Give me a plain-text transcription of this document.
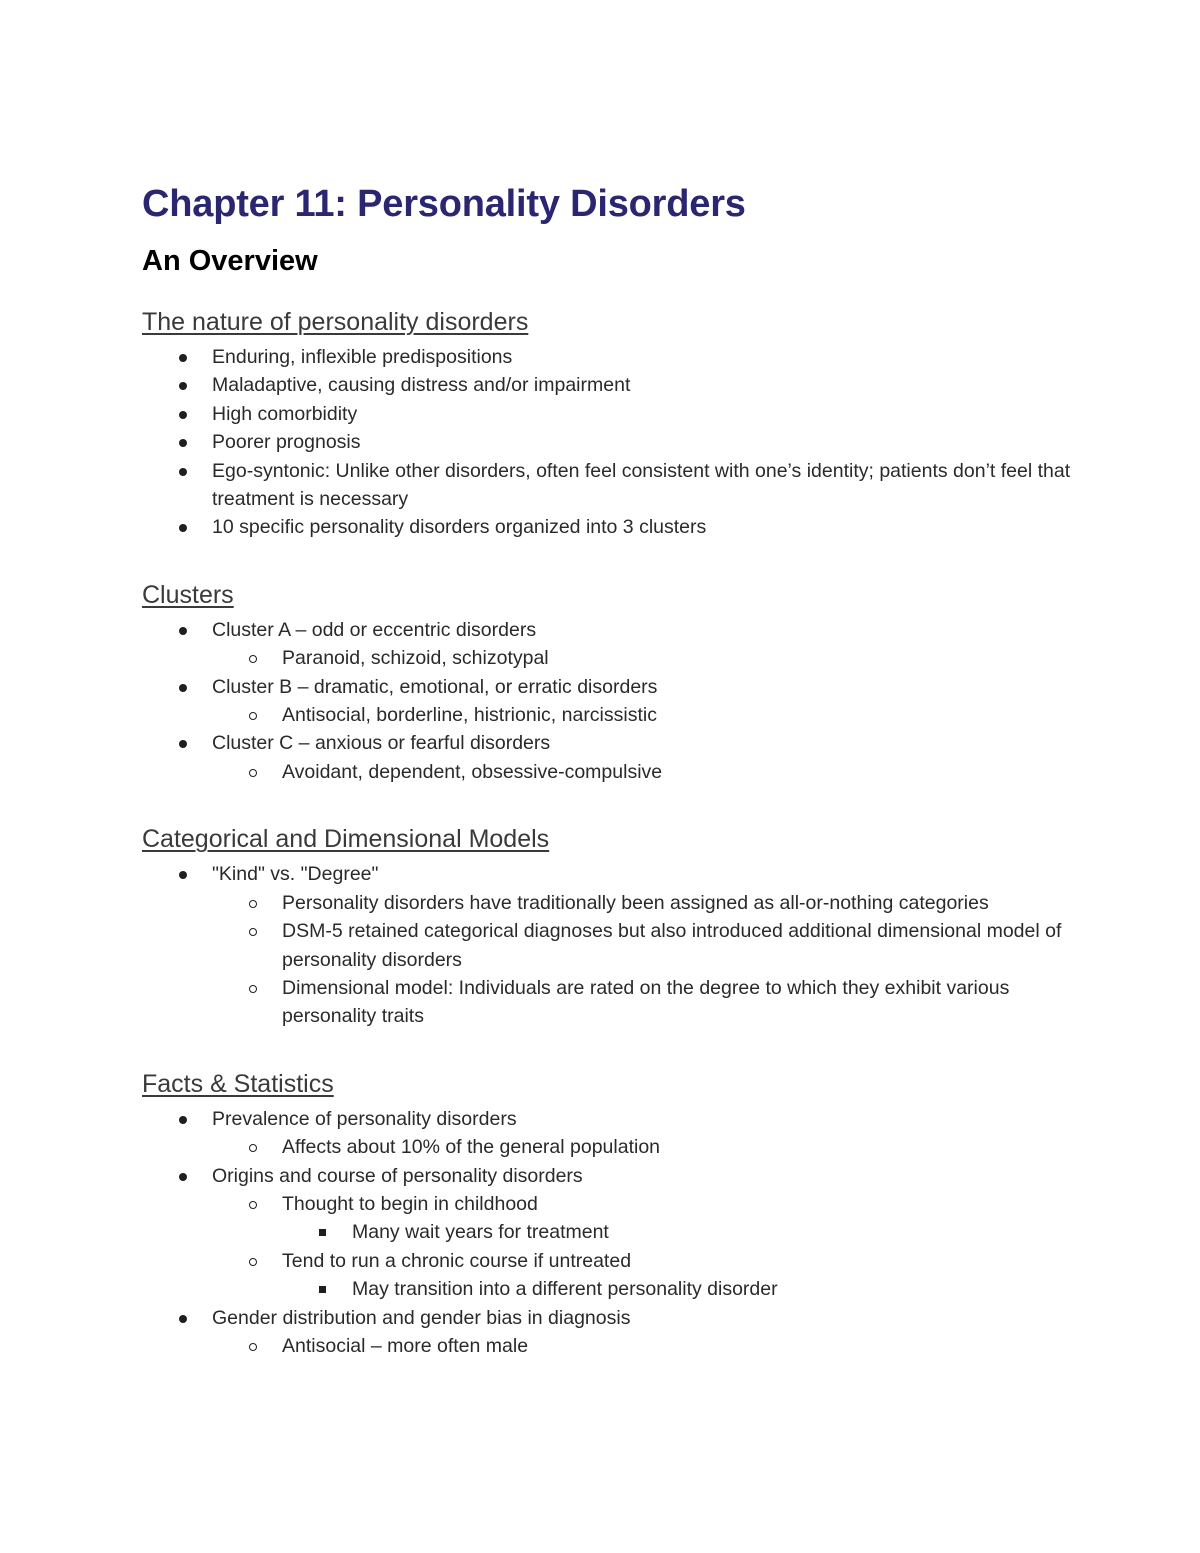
Chapter 11: Personality Disorders
An Overview
The nature of personality disorders
Enduring, inflexible predispositions
Maladaptive, causing distress and/or impairment
High comorbidity
Poorer prognosis
Ego-syntonic: Unlike other disorders, often feel consistent with one’s identity; patients don’t feel that treatment is necessary
10 specific personality disorders organized into 3 clusters
Clusters
Cluster A – odd or eccentric disorders
Paranoid, schizoid, schizotypal
Cluster B – dramatic, emotional, or erratic disorders
Antisocial, borderline, histrionic, narcissistic
Cluster C – anxious or fearful disorders
Avoidant, dependent, obsessive-compulsive
Categorical and Dimensional Models
"Kind" vs. "Degree"
Personality disorders have traditionally been assigned as all-or-nothing categories
DSM-5 retained categorical diagnoses but also introduced additional dimensional model of personality disorders
Dimensional model: Individuals are rated on the degree to which they exhibit various personality traits
Facts & Statistics
Prevalence of personality disorders
Affects about 10% of the general population
Origins and course of personality disorders
Thought to begin in childhood
Many wait years for treatment
Tend to run a chronic course if untreated
May transition into a different personality disorder
Gender distribution and gender bias in diagnosis
Antisocial – more often male
